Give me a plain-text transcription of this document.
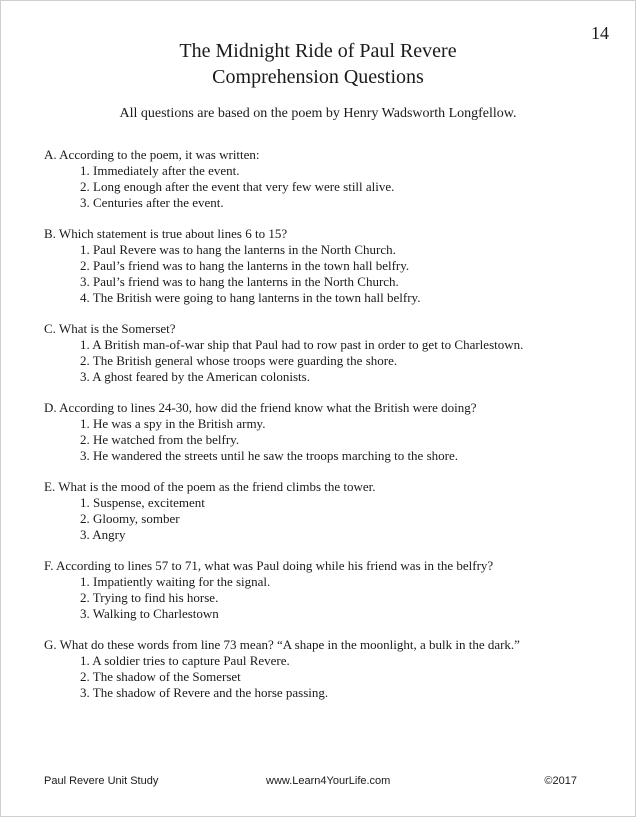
14
The Midnight Ride of Paul Revere
Comprehension Questions
All questions are based on the poem by Henry Wadsworth Longfellow.
A. According to the poem, it was written:
1. Immediately after the event.
2. Long enough after the event that very few were still alive.
3. Centuries after the event.
B. Which statement is true about lines 6 to 15?
1. Paul Revere was to hang the lanterns in the North Church.
2. Paul’s friend was to hang the lanterns in the town hall belfry.
3. Paul’s friend was to hang the lanterns in the North Church.
4. The British were going to hang lanterns in the town hall belfry.
C. What is the Somerset?
1. A British man-of-war ship that Paul had to row past in order to get to Charlestown.
2. The British general whose troops were guarding the shore.
3. A ghost feared by the American colonists.
D. According to lines 24-30, how did the friend know what the British were doing?
1. He was a spy in the British army.
2. He watched from the belfry.
3. He wandered the streets until he saw the troops marching to the shore.
E. What is the mood of the poem as the friend climbs the tower.
1. Suspense, excitement
2. Gloomy, somber
3. Angry
F. According to lines 57 to 71, what was Paul doing while his friend was in the belfry?
1. Impatiently waiting for the signal.
2. Trying to find his horse.
3. Walking to Charlestown
G. What do these words from line 73 mean? “A shape in the moonlight, a bulk in the dark.”
1. A soldier tries to capture Paul Revere.
2. The shadow of the Somerset
3. The shadow of Revere and the horse passing.
Paul Revere Unit Study	www.Learn4YourLife.com	©2017
